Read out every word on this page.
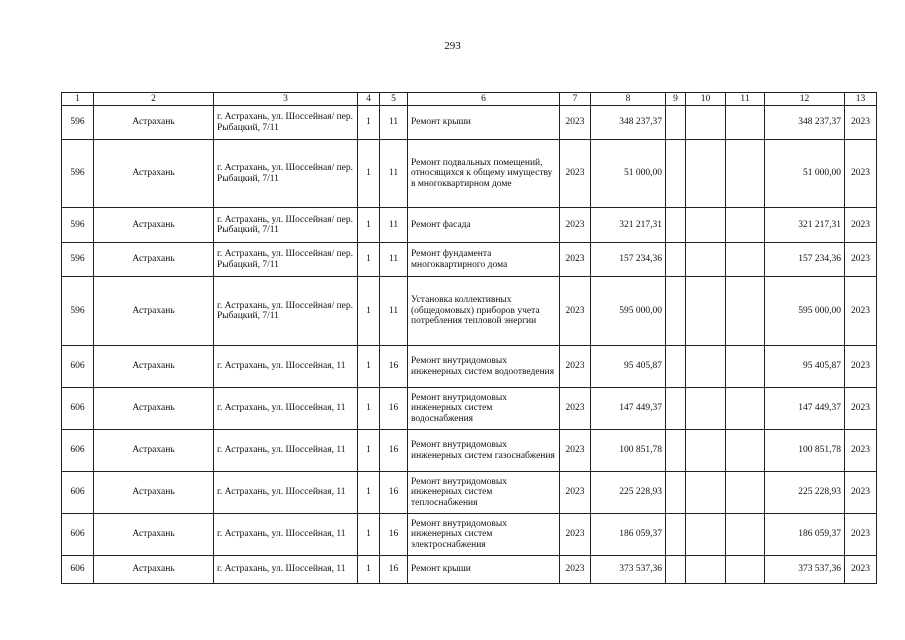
293
1	2	3	4	5	6	7	8	9	10	11	12	13
596	Астрахань	г. Астрахань, ул. Шоссейная/ пер. Рыбацкий, 7/11	1	11	Ремонт крыши	2023	348 237,37				348 237,37	2023
596	Астрахань	г. Астрахань, ул. Шоссейная/ пер. Рыбацкий, 7/11	1	11	Ремонт подвальных помещений, относящихся к общему имуществу в многоквартирном доме	2023	51 000,00				51 000,00	2023
596	Астрахань	г. Астрахань, ул. Шоссейная/ пер. Рыбацкий, 7/11	1	11	Ремонт фасада	2023	321 217,31				321 217,31	2023
596	Астрахань	г. Астрахань, ул. Шоссейная/ пер. Рыбацкий, 7/11	1	11	Ремонт фундамента многоквартирного дома	2023	157 234,36				157 234,36	2023
596	Астрахань	г. Астрахань, ул. Шоссейная/ пер. Рыбацкий, 7/11	1	11	Установка коллективных (общедомовых) приборов учета потребления тепловой энергии	2023	595 000,00				595 000,00	2023
606	Астрахань	г. Астрахань, ул. Шоссейная, 11	1	16	Ремонт внутридомовых инженерных систем водоотведения	2023	95 405,87				95 405,87	2023
606	Астрахань	г. Астрахань, ул. Шоссейная, 11	1	16	Ремонт внутридомовых инженерных систем водоснабжения	2023	147 449,37				147 449,37	2023
606	Астрахань	г. Астрахань, ул. Шоссейная, 11	1	16	Ремонт внутридомовых инженерных систем газоснабжения	2023	100 851,78				100 851,78	2023
606	Астрахань	г. Астрахань, ул. Шоссейная, 11	1	16	Ремонт внутридомовых инженерных систем теплоснабжения	2023	225 228,93				225 228,93	2023
606	Астрахань	г. Астрахань, ул. Шоссейная, 11	1	16	Ремонт внутридомовых инженерных систем электроснабжения	2023	186 059,37				186 059,37	2023
606	Астрахань	г. Астрахань, ул. Шоссейная, 11	1	16	Ремонт крыши	2023	373 537,36				373 537,36	2023
